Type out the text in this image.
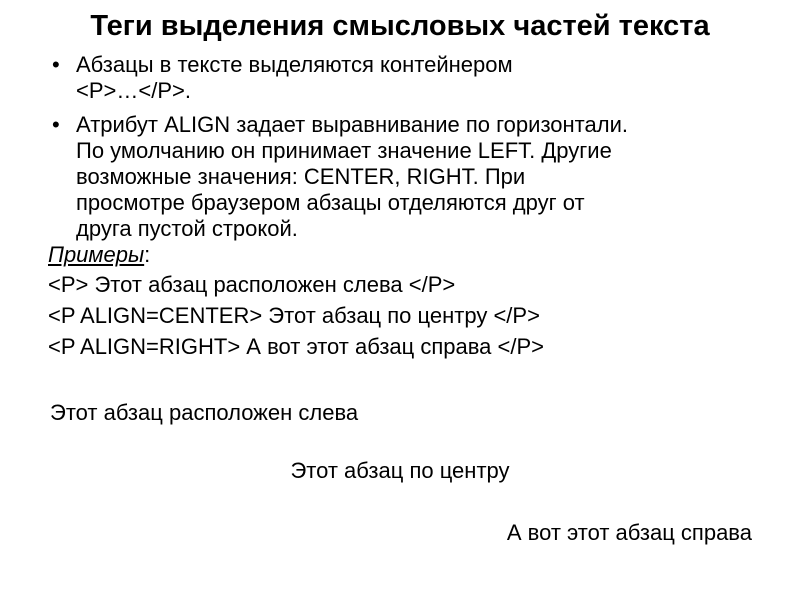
Теги выделения смысловых частей текста
• Абзацы в тексте выделяются контейнером
<P>…</P>.
• Атрибут ALIGN задает выравнивание по горизонтали.
По умолчанию он принимает значение LEFT. Другие
возможные значения: CENTER, RIGHT. При
просмотре браузером абзацы отделяются друг от
друга пустой строкой.
Примеры:
<P> Этот абзац расположен слева </P>
<P ALIGN=CENTER> Этот абзац по центру </P>
<P ALIGN=RIGHT> А вот этот абзац справа </P>
Этот абзац расположен слева
Этот абзац по центру
А вот этот абзац справа
